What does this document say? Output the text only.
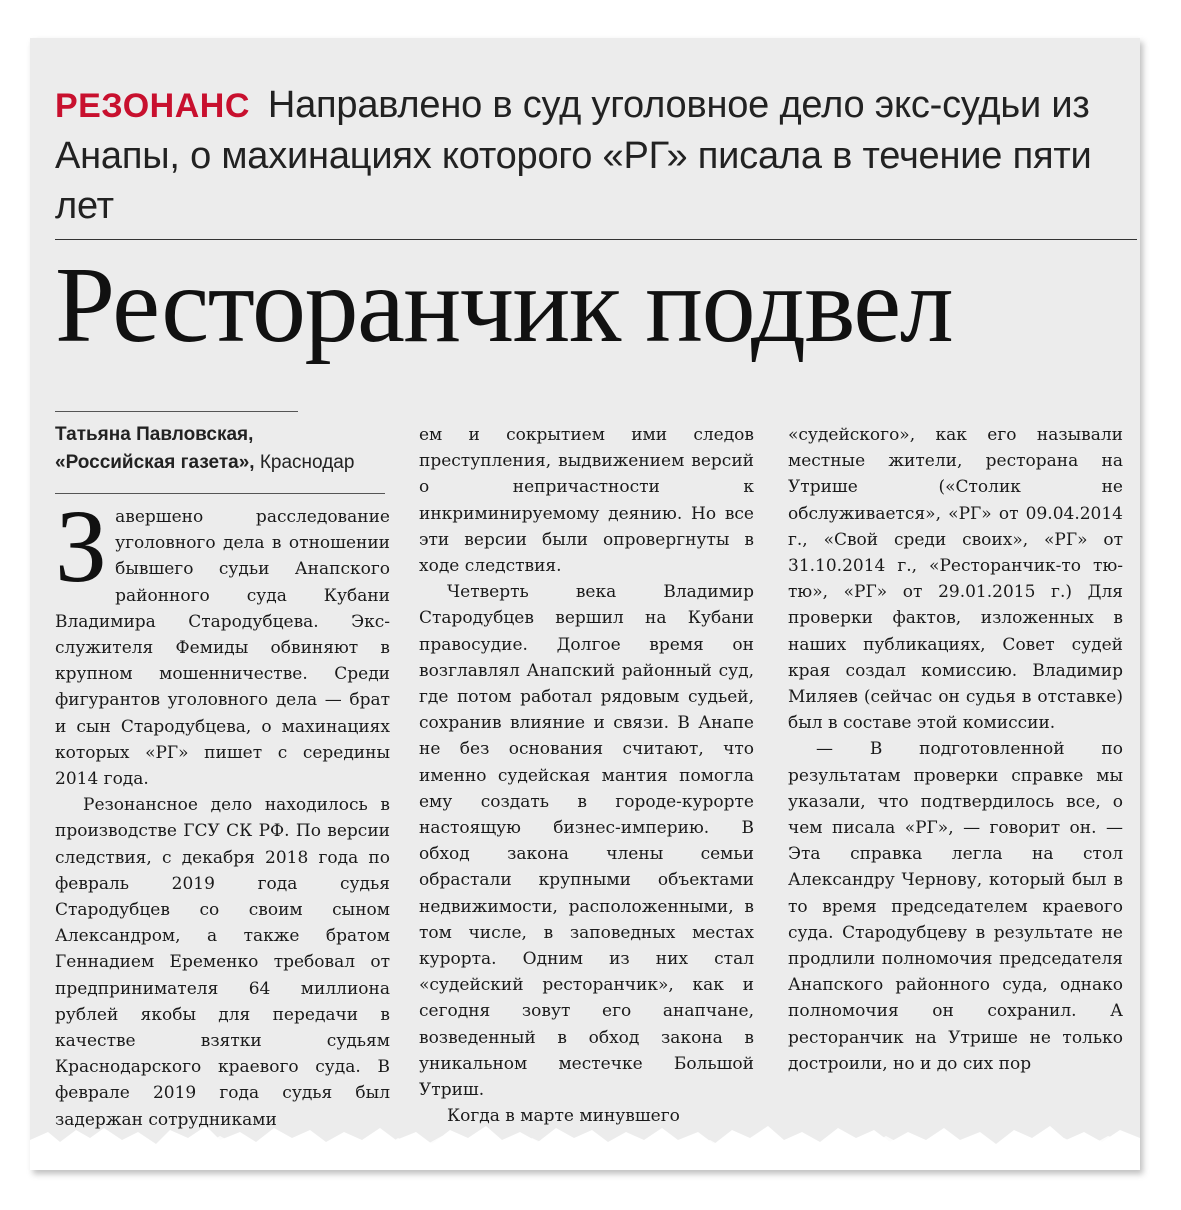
РЕЗОНАНС Направлено в суд уголовное дело экс-судьи из Анапы, о махинациях которого «РГ» писала в течение пяти лет
Ресторанчик подвел
Татьяна Павловская,
«Российская газета», Краснодар

Завершено расследование уголовного дела в отношении бывшего судьи Анапского районного суда Кубани Владимира Стародубцева. Экс-служителя Фемиды обвиняют в крупном мошенничестве. Среди фигурантов уголовного дела — брат и сын Стародубцева, о махинациях которых «РГ» пишет с середины 2014 года.

Резонансное дело находилось в производстве ГСУ СК РФ. По версии следствия, с декабря 2018 года по февраль 2019 года судья Стародубцев со своим сыном Александром, а также братом Геннадием Еременко требовал от предпринимателя 64 миллиона рублей якобы для передачи в качестве взятки судьям Краснодарского краевого суда. В феврале 2019 года судья был задержан сотрудниками

ем и сокрытием ими следов преступления, выдвижением версий о непричастности к инкриминируемому деянию. Но все эти версии были опровергнуты в ходе следствия.

Четверть века Владимир Стародубцев вершил на Кубани правосудие. Долгое время он возглавлял Анапский районный суд, где потом работал рядовым судьей, сохранив влияние и связи. В Анапе не без основания считают, что именно судейская мантия помогла ему создать в городе-курорте настоящую бизнес-империю. В обход закона члены семьи обрастали крупными объектами недвижимости, расположенными, в том числе, в заповедных местах курорта. Одним из них стал «судейский ресторанчик», как и сегодня зовут его анапчане, возведенный в обход закона в уникальном местечке Большой Утриш.

Когда в марте минувшего

«судейского», как его называли местные жители, ресторана на Утрише («Столик не обслуживается», «РГ» от 09.04.2014 г., «Свой среди своих», «РГ» от 31.10.2014 г., «Ресторанчик-то тю-тю», «РГ» от 29.01.2015 г.) Для проверки фактов, изложенных в наших публикациях, Совет судей края создал комиссию. Владимир Миляев (сейчас он судья в отставке) был в составе этой комиссии.

— В подготовленной по результатам проверки справке мы указали, что подтвердилось все, о чем писала «РГ», — говорит он. — Эта справка легла на стол Александру Чернову, который был в то время председателем краевого суда. Стародубцеву в результате не продлили полномочия председателя Анапского районного суда, однако полномочия он сохранил. А ресторанчик на Утрише не только достроили, но и до сих пор
